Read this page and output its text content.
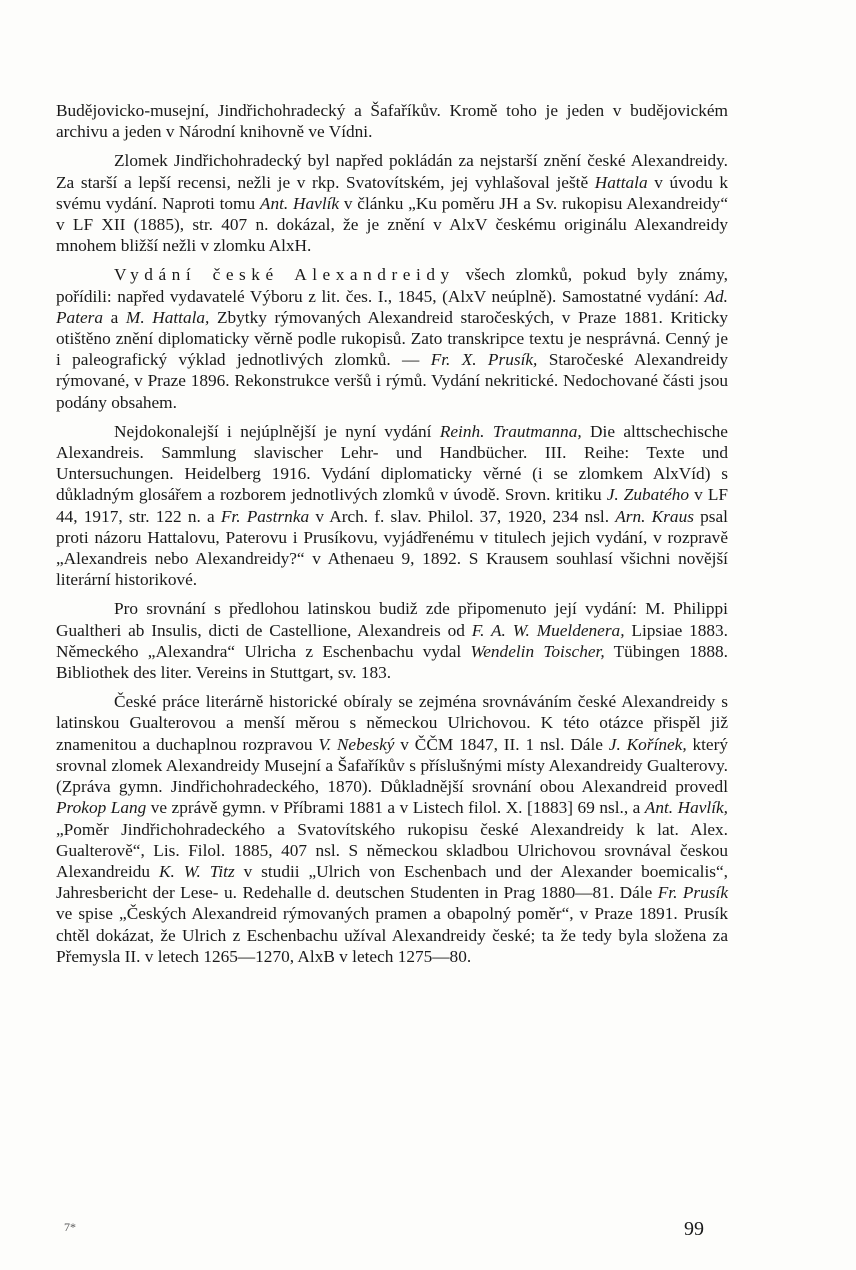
Budějovicko-musejní, Jindřichohradecký a Šafaříkův. Kromě toho je jeden v budějovickém archivu a jeden v Národní knihovně ve Vídni.

Zlomek Jindřichohradecký byl napřed pokládán za nejstarší znění české Alexandreidy. Za starší a lepší recensi, nežli je v rkp. Svatovítském, jej vyhlašoval ještě Hattala v úvodu k svému vydání. Naproti tomu Ant. Havlík v článku „Ku poměru JH a Sv. rukopisu Alexandreidy“ v LF XII (1885), str. 407 n. dokázal, že je znění v AlxV českému originálu Alexandreidy mnohem bližší nežli v zlomku AlxH.

Vydání české Alexandreidy všech zlomků, pokud byly známy, pořídili: napřed vydavatelé Výboru z lit. čes. I., 1845, (AlxV neúplně). Samostatné vydání: Ad. Patera a M. Hattala, Zbytky rýmovaných Alexandreid staročeských, v Praze 1881. Kriticky otištěno znění diplomaticky věrně podle rukopisů. Zato transkripce textu je nesprávná. Cenný je i paleografický výklad jednotlivých zlomků. — Fr. X. Prusík, Staročeské Alexandreidy rýmované, v Praze 1896. Rekonstrukce veršů i rýmů. Vydání nekritické. Nedochované části jsou podány obsahem.

Nejdokonalejší i nejúplnější je nyní vydání Reinh. Trautmanna, Die alttschechische Alexandreis. Sammlung slavischer Lehr- und Handbücher. III. Reihe: Texte und Untersuchungen. Heidelberg 1916. Vydání diplomaticky věrné (i se zlomkem AlxVíd) s důkladným glosářem a rozborem jednotlivých zlomků v úvodě. Srovn. kritiku J. Zubatého v LF 44, 1917, str. 122 n. a Fr. Pastrnka v Arch. f. slav. Philol. 37, 1920, 234 nsl. Arn. Kraus psal proti názoru Hattalovu, Paterovu i Prusíkovu, vyjádřenému v titulech jejich vydání, v rozpravě „Alexandreis nebo Alexandreidy?“ v Athenaeu 9, 1892. S Krausem souhlasí všichni novější literární historikové.

Pro srovnání s předlohou latinskou budiž zde připomenuto její vydání: M. Philippi Gualtheri ab Insulis, dicti de Castellione, Alexandreis od F. A. W. Mueldenera, Lipsiae 1883. Německého „Alexandra“ Ulricha z Eschenbachu vydal Wendelin Toischer, Tübingen 1888. Bibliothek des liter. Vereins in Stuttgart, sv. 183.

České práce literárně historické obíraly se zejména srovnáváním české Alexandreidy s latinskou Gualterovou a menší měrou s německou Ulrichovou. K této otázce přispěl již znamenitou a duchaplnou rozpravou V. Nebeský v ČČM 1847, II. 1 nsl. Dále J. Kořínek, který srovnal zlomek Alexandreidy Musejní a Šafaříkův s příslušnými místy Alexandreidy Gualterovy. (Zpráva gymn. Jindřichohradeckého, 1870). Důkladnější srovnání obou Alexandreid provedl Prokop Lang ve zprávě gymn. v Příbrami 1881 a v Listech filol. X. [1883] 69 nsl., a Ant. Havlík, „Poměr Jindřichohradeckého a Svatovítského rukopisu české Alexandreidy k lat. Alex. Gualterově“, Lis. Filol. 1885, 407 nsl. S německou skladbou Ulrichovou srovnával českou Alexandreidu K. W. Titz v studii „Ulrich von Eschenbach und der Alexander boemicalis“, Jahresbericht der Lese- u. Redehalle d. deutschen Studenten in Prag 1880—81. Dále Fr. Prusík ve spise „Českých Alexandreid rýmovaných pramen a obapolný poměr“, v Praze 1891. Prusík chtěl dokázat, že Ulrich z Eschenbachu užíval Alexandreidy české; ta že tedy byla složena za Přemysla II. v letech 1265—1270, AlxB v letech 1275—80.

7*	99
